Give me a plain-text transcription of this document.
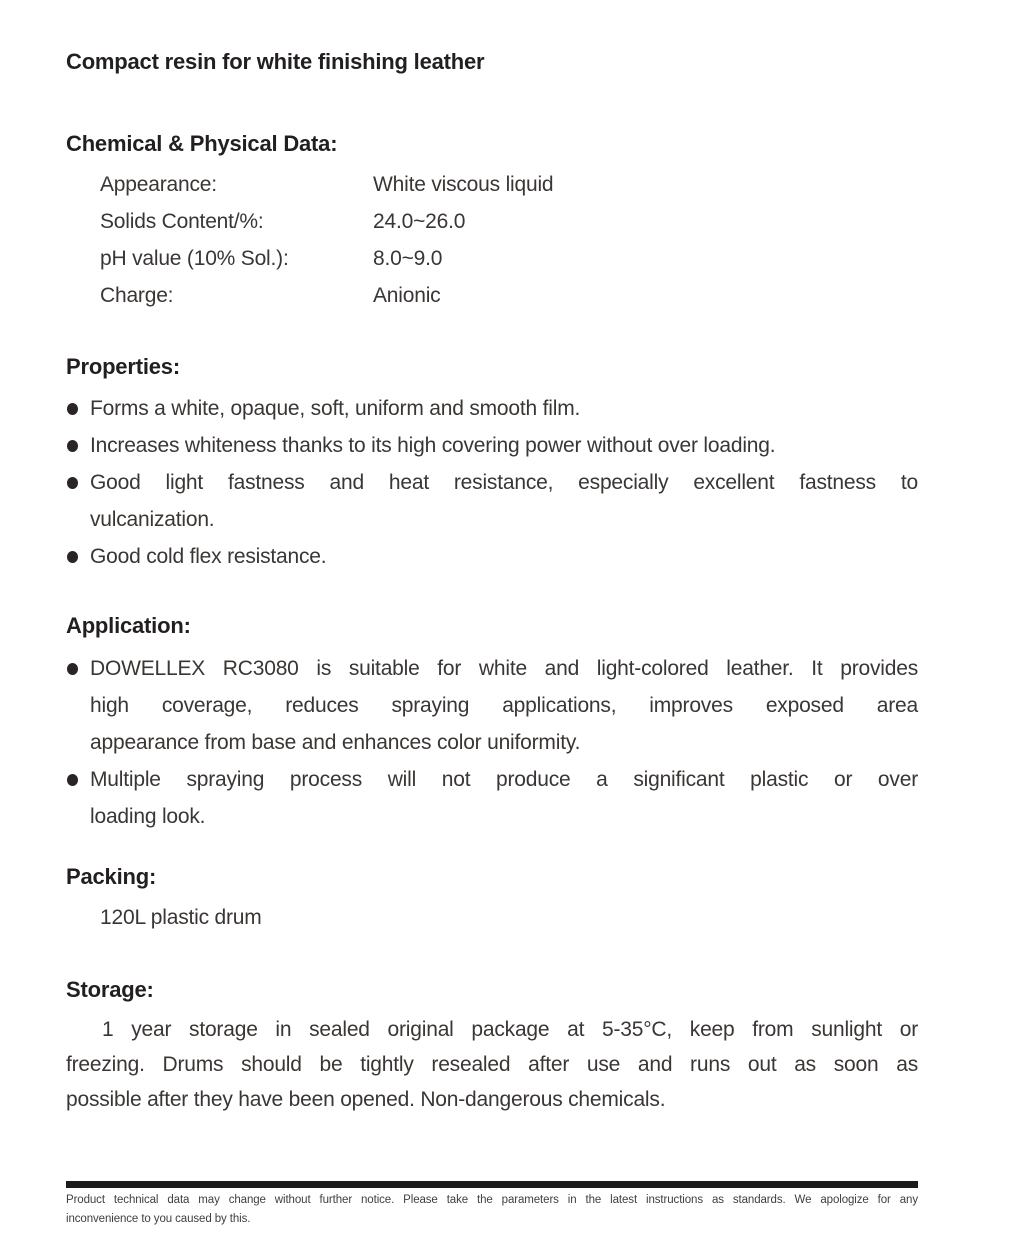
Compact resin for white finishing leather
Chemical & Physical Data:
Appearance:	White viscous liquid
Solids Content/%:	24.0~26.0
pH value (10% Sol.):	8.0~9.0
Charge:	Anionic
Properties:
Forms a white, opaque, soft, uniform and smooth film.
Increases whiteness thanks to its high covering power without over loading.
Good light fastness and heat resistance, especially excellent fastness to
vulcanization.
Good cold flex resistance.
Application:
DOWELLEX RC3080 is suitable for white and light-colored leather. It provides
high coverage, reduces spraying applications, improves exposed area
appearance from base and enhances color uniformity.
Multiple spraying process will not produce a significant plastic or over
loading look.
Packing:
120L plastic drum
Storage:
1 year storage in sealed original package at 5-35°C, keep from sunlight or
freezing. Drums should be tightly resealed after use and runs out as soon as
possible after they have been opened. Non-dangerous chemicals.
Product technical data may change without further notice. Please take the parameters in the latest instructions as standards. We apologize for any
inconvenience to you caused by this.
